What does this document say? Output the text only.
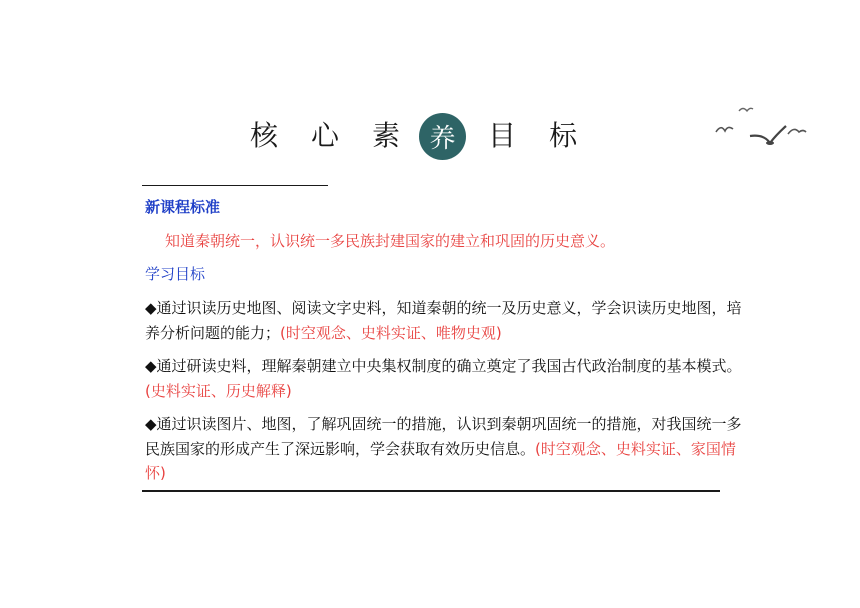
核 心 素	养	目 标
新课程标准
知道秦朝统一，认识统一多民族封建国家的建立和巩固的历史意义。
学习目标
◆通过识读历史地图、阅读文字史料，知道秦朝的统一及历史意义，学会识读历史地图，培养分析问题的能力；(时空观念、史料实证、唯物史观)
◆通过研读史料，理解秦朝建立中央集权制度的确立奠定了我国古代政治制度的基本模式。(史料实证、历史解释)
◆通过识读图片、地图，了解巩固统一的措施，认识到秦朝巩固统一的措施，对我国统一多民族国家的形成产生了深远影响，学会获取有效历史信息。(时空观念、史料实证、家国情怀)
